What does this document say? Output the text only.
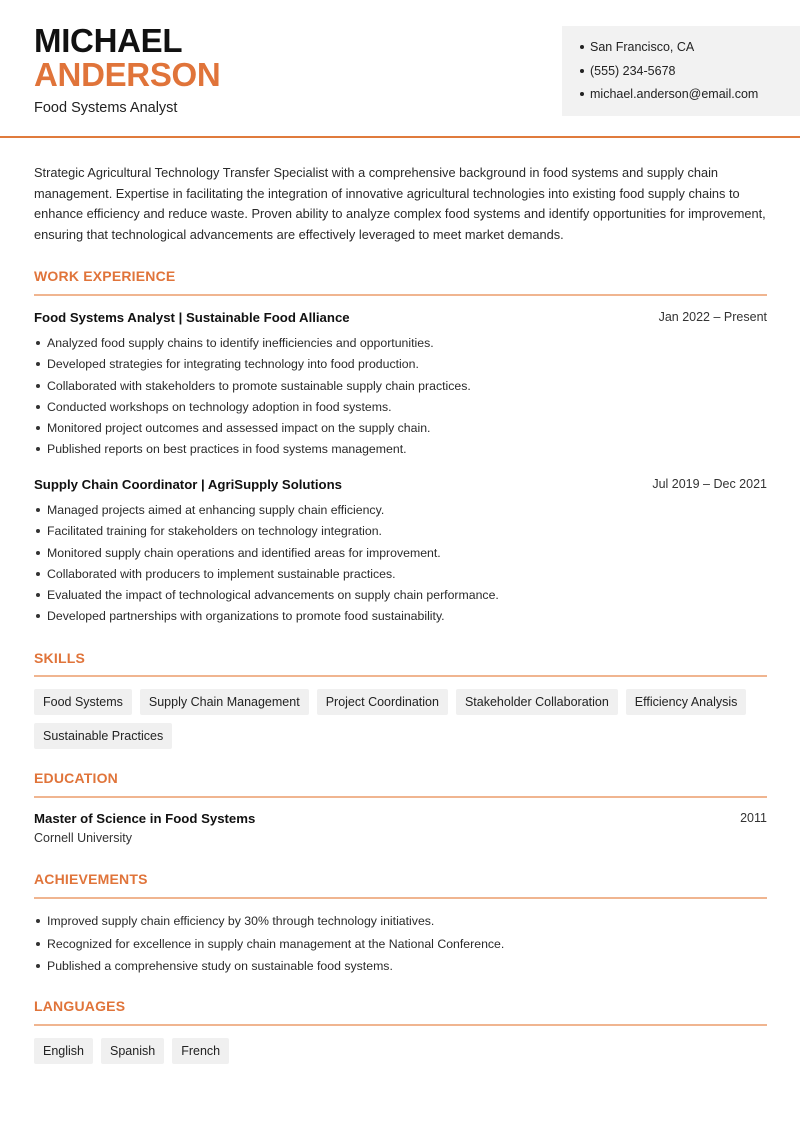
MICHAEL
ANDERSON
Food Systems Analyst
San Francisco, CA
(555) 234-5678
michael.anderson@email.com
Strategic Agricultural Technology Transfer Specialist with a comprehensive background in food systems and supply chain management. Expertise in facilitating the integration of innovative agricultural technologies into existing food supply chains to enhance efficiency and reduce waste. Proven ability to analyze complex food systems and identify opportunities for improvement, ensuring that technological advancements are effectively leveraged to meet market demands.
WORK EXPERIENCE
Food Systems Analyst | Sustainable Food Alliance	Jan 2022 – Present
Analyzed food supply chains to identify inefficiencies and opportunities.
Developed strategies for integrating technology into food production.
Collaborated with stakeholders to promote sustainable supply chain practices.
Conducted workshops on technology adoption in food systems.
Monitored project outcomes and assessed impact on the supply chain.
Published reports on best practices in food systems management.
Supply Chain Coordinator | AgriSupply Solutions	Jul 2019 – Dec 2021
Managed projects aimed at enhancing supply chain efficiency.
Facilitated training for stakeholders on technology integration.
Monitored supply chain operations and identified areas for improvement.
Collaborated with producers to implement sustainable practices.
Evaluated the impact of technological advancements on supply chain performance.
Developed partnerships with organizations to promote food sustainability.
SKILLS
Food Systems	Supply Chain Management	Project Coordination	Stakeholder Collaboration	Efficiency Analysis
Sustainable Practices
EDUCATION
Master of Science in Food Systems	2011
Cornell University
ACHIEVEMENTS
Improved supply chain efficiency by 30% through technology initiatives.
Recognized for excellence in supply chain management at the National Conference.
Published a comprehensive study on sustainable food systems.
LANGUAGES
English	Spanish	French
